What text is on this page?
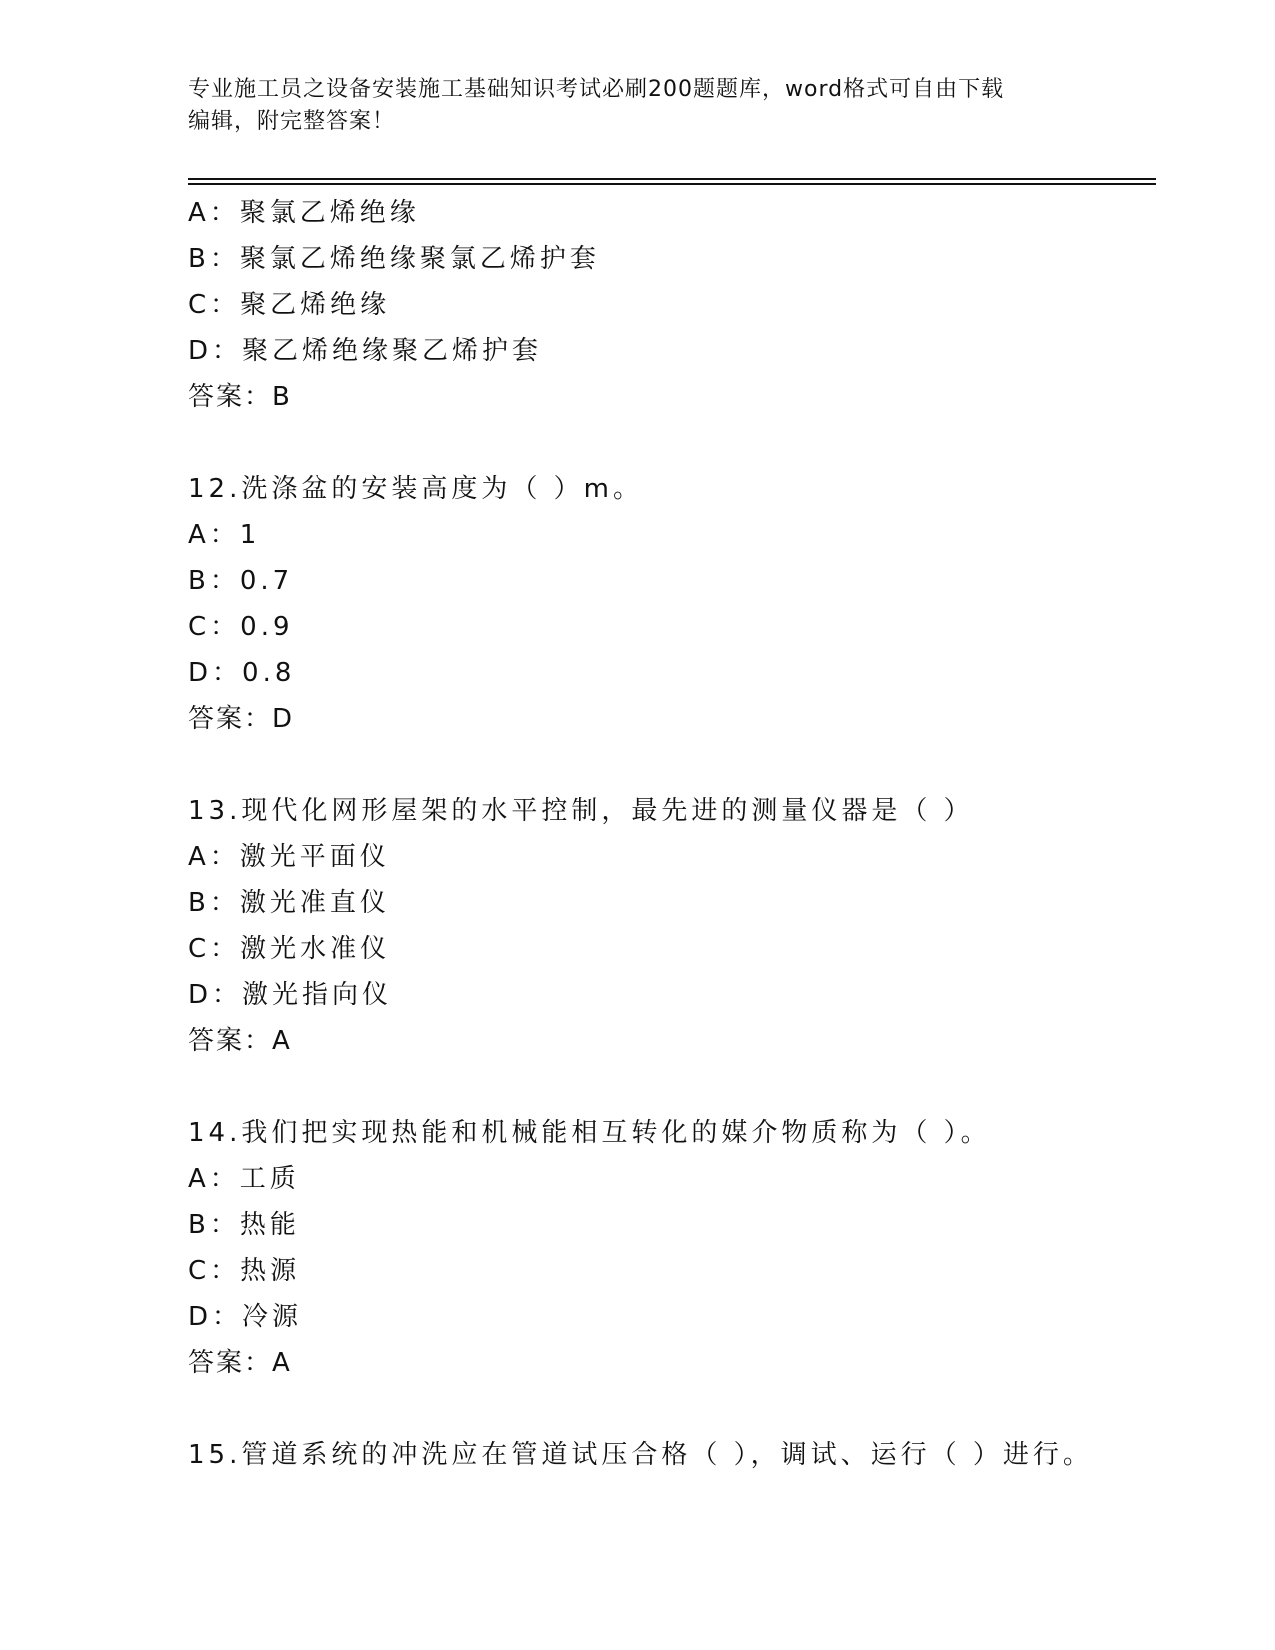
专业施工员之设备安装施工基础知识考试必刷200题题库，word格式可自由下载
编辑，附完整答案！
A：聚氯乙烯绝缘
B：聚氯乙烯绝缘聚氯乙烯护套
C：聚乙烯绝缘
D：聚乙烯绝缘聚乙烯护套
答案：B
12.洗涤盆的安装高度为（ ）m。
A：1
B：0.7
C：0.9
D：0.8
答案：D
13.现代化网形屋架的水平控制，最先进的测量仪器是（ ）
A：激光平面仪
B：激光准直仪
C：激光水准仪
D：激光指向仪
答案：A
14.我们把实现热能和机械能相互转化的媒介物质称为（ ）。
A：工质
B：热能
C：热源
D：冷源
答案：A
15.管道系统的冲洗应在管道试压合格（ ），调试、运行（ ）进行。
